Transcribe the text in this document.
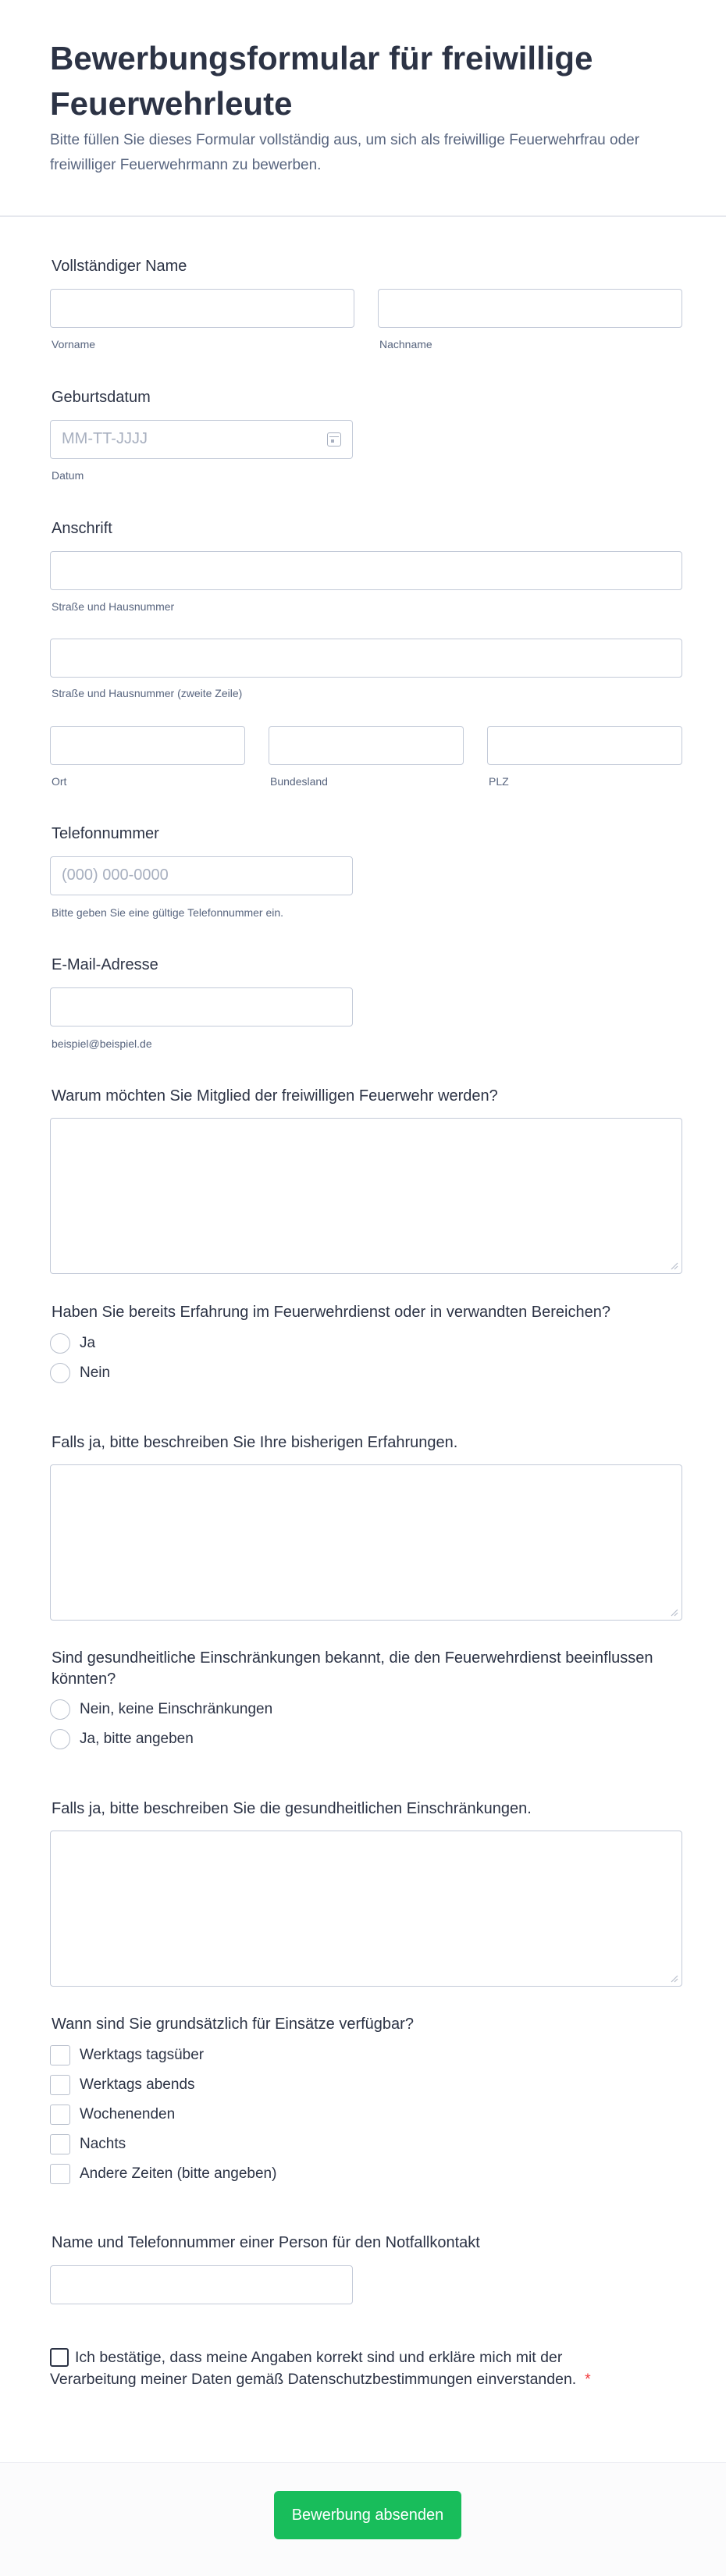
Bewerbungsformular für freiwillige Feuerwehrleute

Bitte füllen Sie dieses Formular vollständig aus, um sich als freiwillige Feuerwehrfrau oder freiwilliger Feuerwehrmann zu bewerben.

Vollständiger Name
Vorname	Nachname
Geburtsdatum
MM-TT-JJJJ
Datum
Anschrift
Straße und Hausnummer
Straße und Hausnummer (zweite Zeile)
Ort	Bundesland	PLZ
Telefonnummer
(000) 000-0000
Bitte geben Sie eine gültige Telefonnummer ein.
E-Mail-Adresse
beispiel@beispiel.de
Warum möchten Sie Mitglied der freiwilligen Feuerwehr werden?
Haben Sie bereits Erfahrung im Feuerwehrdienst oder in verwandten Bereichen?
Ja
Nein
Falls ja, bitte beschreiben Sie Ihre bisherigen Erfahrungen.
Sind gesundheitliche Einschränkungen bekannt, die den Feuerwehrdienst beeinflussen könnten?
Nein, keine Einschränkungen
Ja, bitte angeben
Falls ja, bitte beschreiben Sie die gesundheitlichen Einschränkungen.
Wann sind Sie grundsätzlich für Einsätze verfügbar?
Werktags tagsüber
Werktags abends
Wochenenden
Nachts
Andere Zeiten (bitte angeben)
Name und Telefonnummer einer Person für den Notfallkontakt
Ich bestätige, dass meine Angaben korrekt sind und erkläre mich mit der Verarbeitung meiner Daten gemäß Datenschutzbestimmungen einverstanden. *
Bewerbung absenden
